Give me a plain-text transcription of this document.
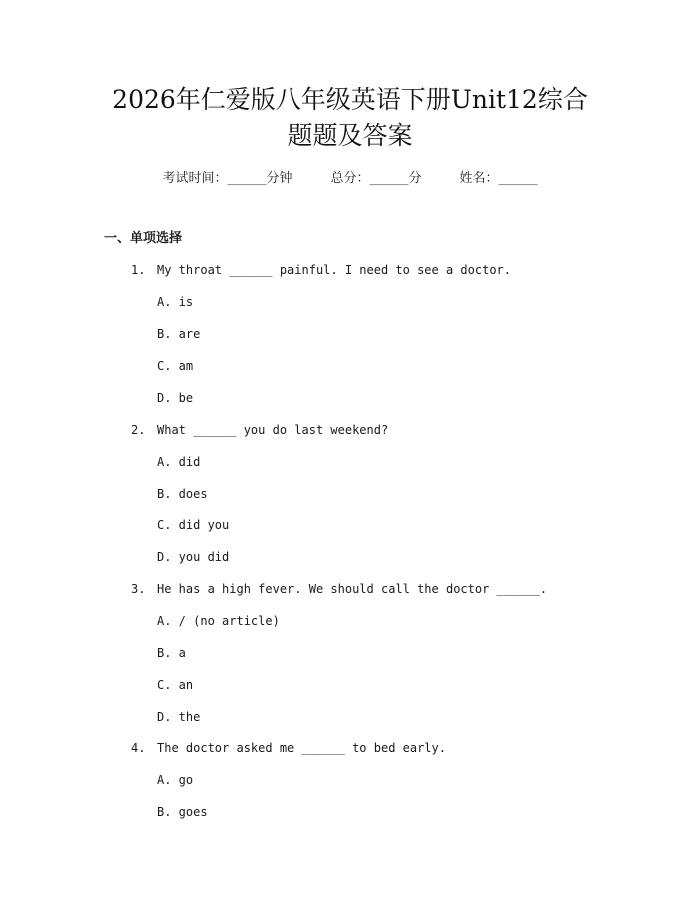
2026年仁爱版八年级英语下册Unit12综合
题题及答案
考试时间：______分钟	总分：______分	姓名：______
一、单项选择
1. My throat ______ painful. I need to see a doctor.
A. is
B. are
C. am
D. be
2. What ______ you do last weekend?
A. did
B. does
C. did you
D. you did
3. He has a high fever. We should call the doctor ______.
A. / (no article)
B. a
C. an
D. the
4. The doctor asked me ______ to bed early.
A. go
B. goes
